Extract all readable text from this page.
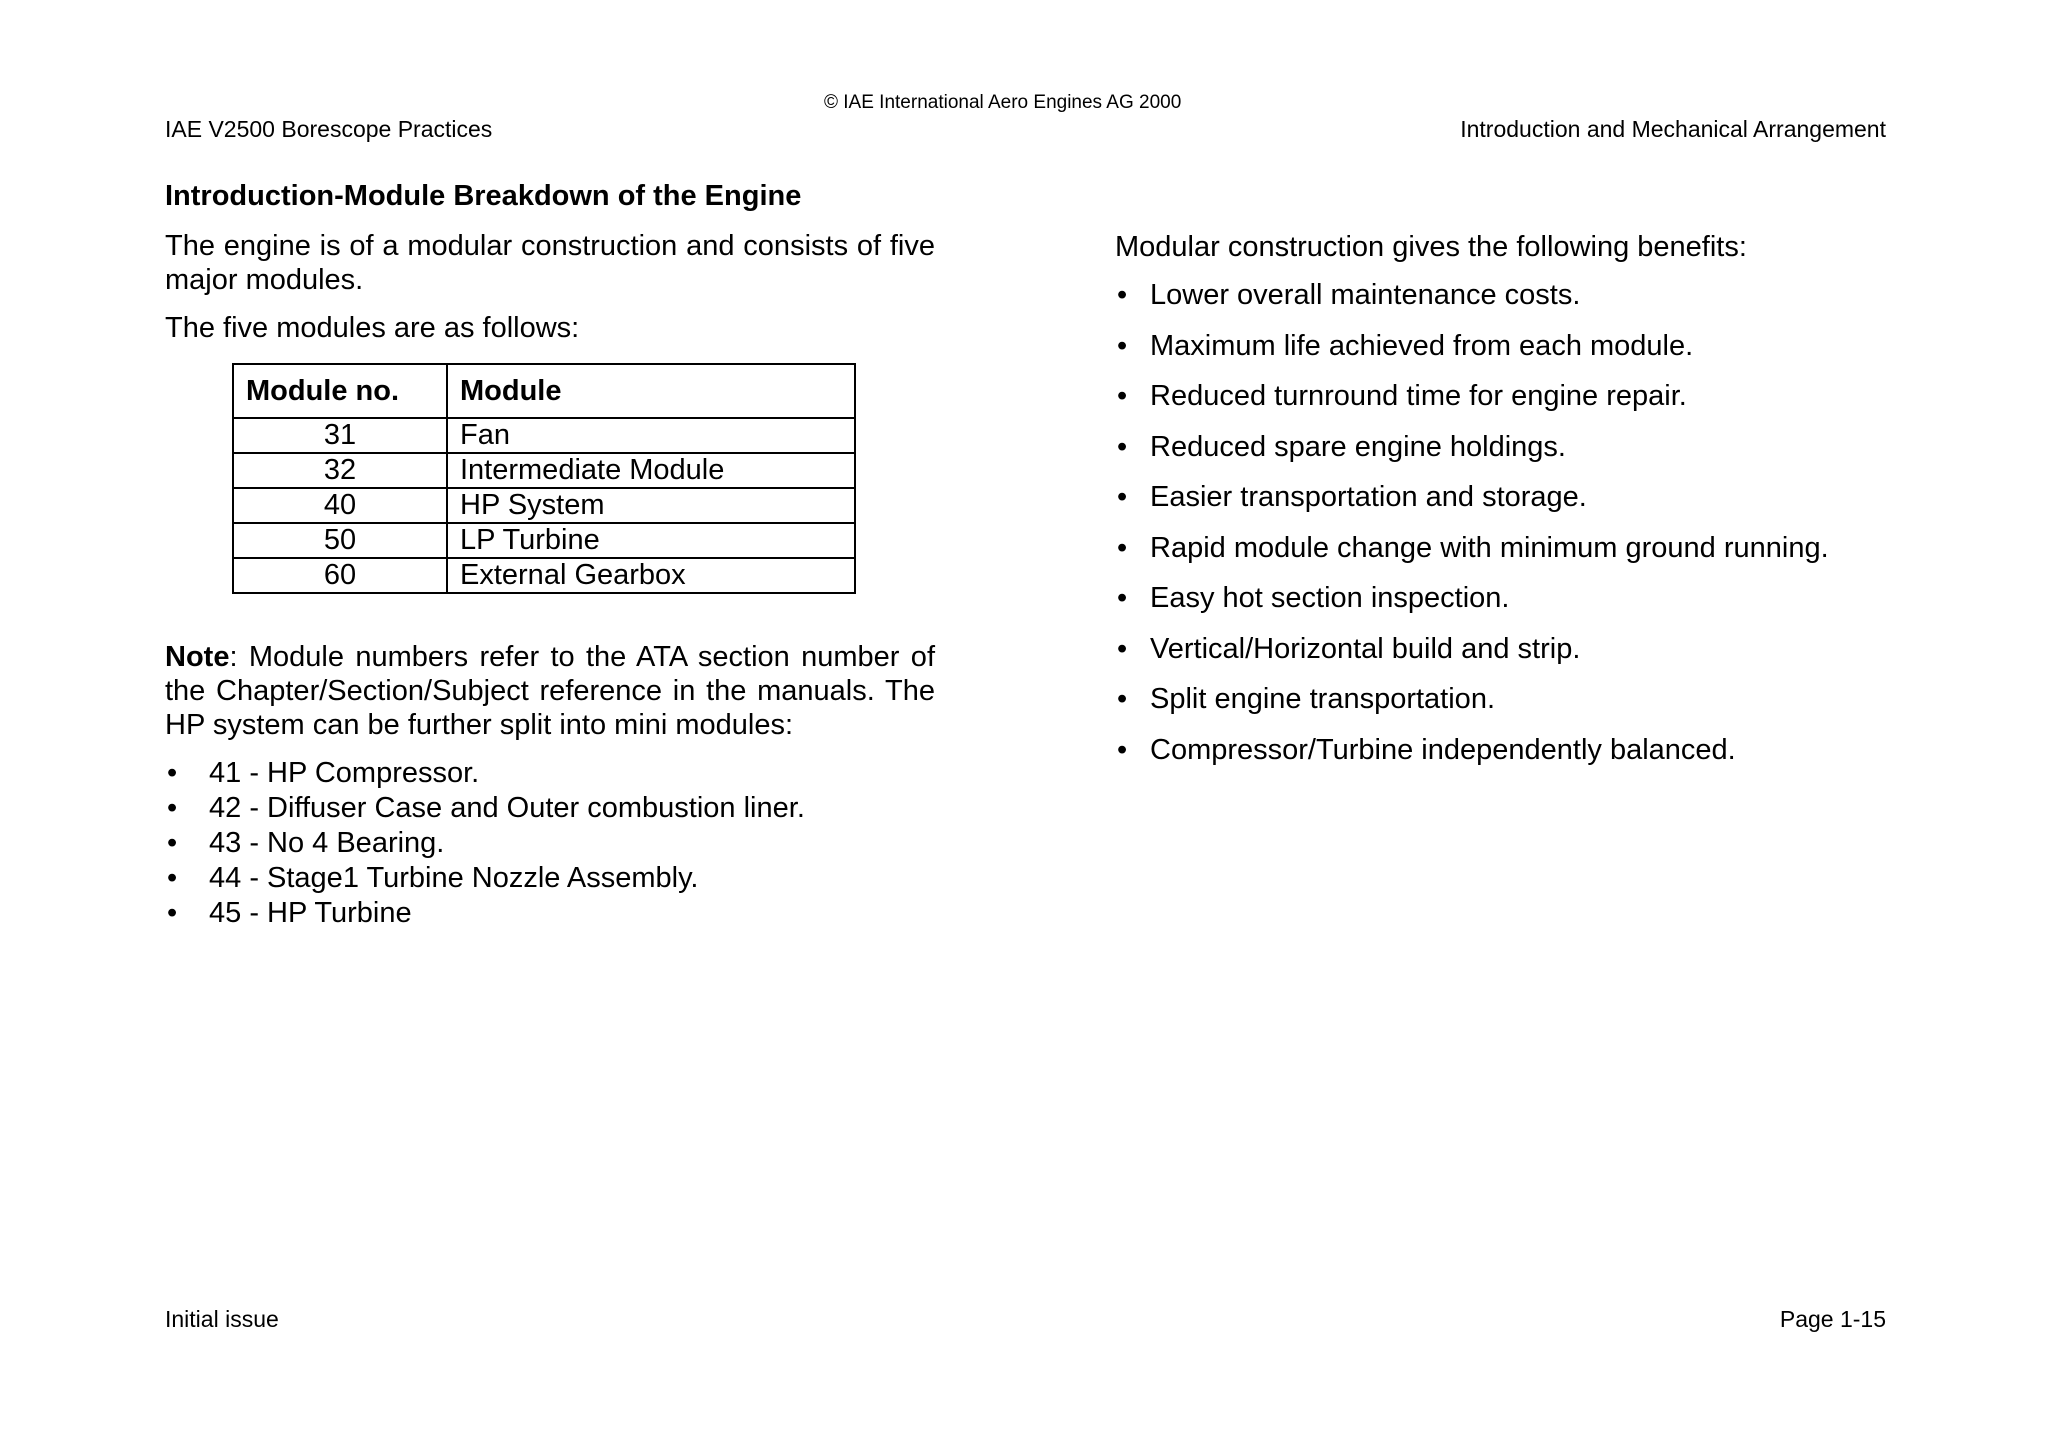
IAE V2500 Borescope Practices
© IAE International Aero Engines AG 2000
Introduction and Mechanical Arrangement
Introduction-Module Breakdown of the Engine

The engine is of a modular construction and consists of five major modules.

The five modules are as follows:

Module no.	Module
31	Fan
32	Intermediate Module
40	HP System
50	LP Turbine
60	External Gearbox

Note: Module numbers refer to the ATA section number of the Chapter/Section/Subject reference in the manuals. The HP system can be further split into mini modules:

• 41 - HP Compressor.
• 42 - Diffuser Case and Outer combustion liner.
• 43 - No 4 Bearing.
• 44 - Stage1 Turbine Nozzle Assembly.
• 45 - HP Turbine

Modular construction gives the following benefits:

• Lower overall maintenance costs.
• Maximum life achieved from each module.
• Reduced turnround time for engine repair.
• Reduced spare engine holdings.
• Easier transportation and storage.
• Rapid module change with minimum ground running.
• Easy hot section inspection.
• Vertical/Horizontal build and strip.
• Split engine transportation.
• Compressor/Turbine independently balanced.
Initial issue	Page 1-15
